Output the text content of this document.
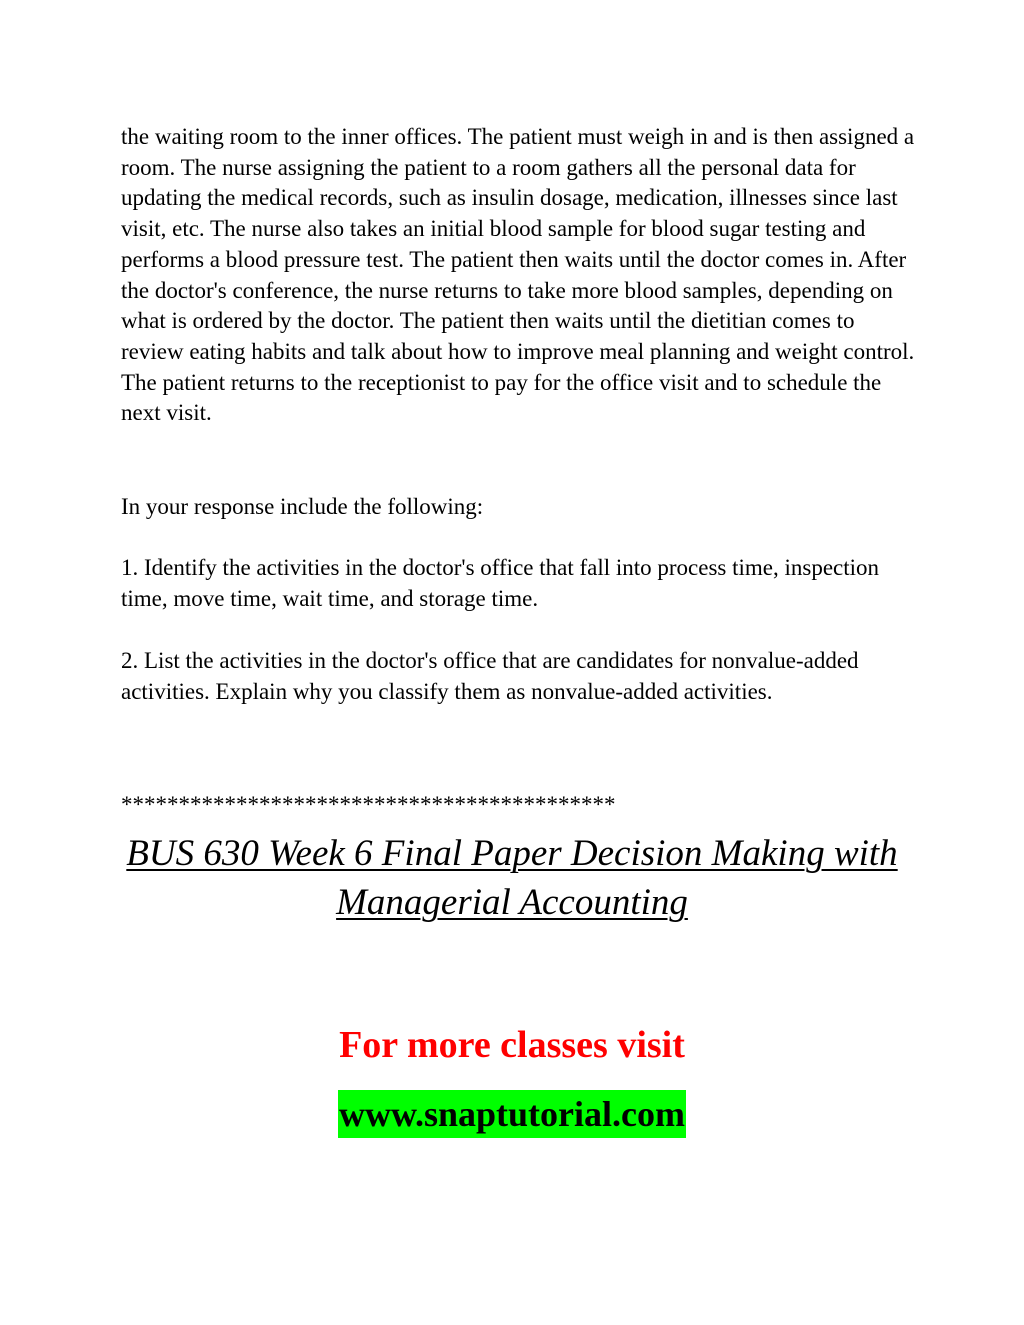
the waiting room to the inner offices. The patient must weigh in and is then assigned a room. The nurse assigning the patient to a room gathers all the personal data for updating the medical records, such as insulin dosage, medication, illnesses since last visit, etc. The nurse also takes an initial blood sample for blood sugar testing and performs a blood pressure test. The patient then waits until the doctor comes in. After the doctor's conference, the nurse returns to take more blood samples, depending on what is ordered by the doctor. The patient then waits until the dietitian comes to review eating habits and talk about how to improve meal planning and weight control. The patient returns to the receptionist to pay for the office visit and to schedule the next visit.
In your response include the following:
1. Identify the activities in the doctor's office that fall into process time, inspection time, move time, wait time, and storage time.
2. List the activities in the doctor's office that are candidates for nonvalue-added activities. Explain why you classify them as nonvalue-added activities.
*******************************************
BUS 630 Week 6 Final Paper Decision Making with Managerial Accounting
For more classes visit
www.snaptutorial.com
